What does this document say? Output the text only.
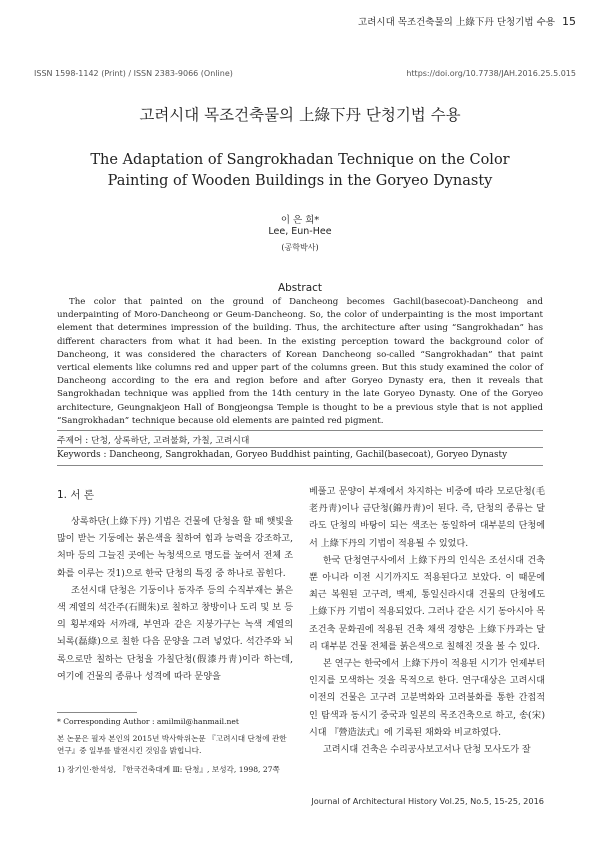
고려시대 목조건축물의 上綠下丹 단청기법 수용 15
ISSN 1598-1142 (Print) / ISSN 2383-9066 (Online)	https://doi.org/10.7738/JAH.2016.25.5.015
고려시대 목조건축물의 上綠下丹 단청기법 수용
The Adaptation of Sangrokhadan Technique on the Color Painting of Wooden Buildings in the Goryeo Dynasty
이 은 희*
Lee, Eun-Hee
(공학박사)
Abstract

The color that painted on the ground of Dancheong becomes Gachil(basecoat)-Dancheong and underpainting of Moro-Dancheong or Geum-Dancheong. So, the color of underpainting is the most important element that determines impression of the building. Thus, the architecture after using “Sangrokhadan” has different characters from what it had been. In the existing perception toward the background color of Dancheong, it was considered the characters of Korean Dancheong so-called “Sangrokhadan” that paint vertical elements like columns red and upper part of the columns green. But this study examined the color of Dancheong according to the era and region before and after Goryeo Dynasty era, then it reveals that Sangrokhadan technique was applied from the 14th century in the late Goryeo Dynasty. One of the Goryeo architecture, Geungnakjeon Hall of Bongjeongsa Temple is thought to be a previous style that is not applied “Sangrokhadan” technique because old elements are painted red pigment.

주제어 : 단청, 상록하단, 고려불화, 가칠, 고려시대
Keywords : Dancheong, Sangrokhadan, Goryeo Buddhist painting, Gachil(basecoat), Goryeo Dynasty
1. 서 론

상록하단(上綠下丹) 기법은 건물에 단청을 할 때 햇빛을 많이 받는 기둥에는 붉은색을 칠하여 힘과 능력을 강조하고, 처마 등의 그늘진 곳에는 녹청색으로 명도를 높여서 전체 조화를 이루는 것1)으로 한국 단청의 특징 중 하나로 꼽힌다.

조선시대 단청은 기둥이나 동자주 등의 수직부재는 붉은색 계열의 석간주(石間朱)로 칠하고 창방이나 도리 및 보 등의 횡부재와 서까래, 부연과 같은 지붕가구는 녹색 계열의 뇌록(磊綠)으로 칠한 다음 문양을 그려 넣었다. 석간주와 뇌록으로만 칠하는 단청을 가칠단청(假漆丹靑)이라 하는데, 여기에 건물의 종류나 성격에 따라 문양을

베풀고 문양이 부재에서 차지하는 비중에 따라 모로단청(毛老丹靑)이나 금단청(錦丹靑)이 된다. 즉, 단청의 종류는 달라도 단청의 바탕이 되는 색조는 동일하여 대부분의 단청에서 上綠下丹의 기법이 적용될 수 있었다.

한국 단청연구사에서 上綠下丹의 인식은 조선시대 건축뿐 아니라 이전 시기까지도 적용된다고 보았다. 이 때문에 최근 복원된 고구려, 백제, 통일신라시대 건물의 단청에도 上綠下丹 기법이 적용되었다. 그러나 같은 시기 동아시아 목조건축 문화권에 적용된 건축 채색 경향은 上綠下丹과는 달리 대부분 건물 전체를 붉은색으로 칠해진 것을 볼 수 있다.

본 연구는 한국에서 上綠下丹이 적용된 시기가 언제부터인지를 모색하는 것을 목적으로 한다. 연구대상은 고려시대 이전의 건물은 고구려 고분벽화와 고려불화를 통한 간접적인 탐색과 동시기 중국과 일본의 목조건축으로 하고, 송(宋)시대 『營造法式』에 기록된 채화와 비교하였다.

고려시대 건축은 수리공사보고서나 단청 모사도가 잘

* Corresponding Author : amilmil@hanmail.net
본 논문은 필자 본인의 2015년 박사학위논문 『고려시대 단청에 관한 연구』중 일부를 발전시킨 것임을 밝힙니다.
1) 장기인·한석성, 『한국건축대계 Ⅲ: 단청』, 보성각, 1998, 27쪽
Journal of Architectural History Vol.25, No.5, 15-25, 2016
